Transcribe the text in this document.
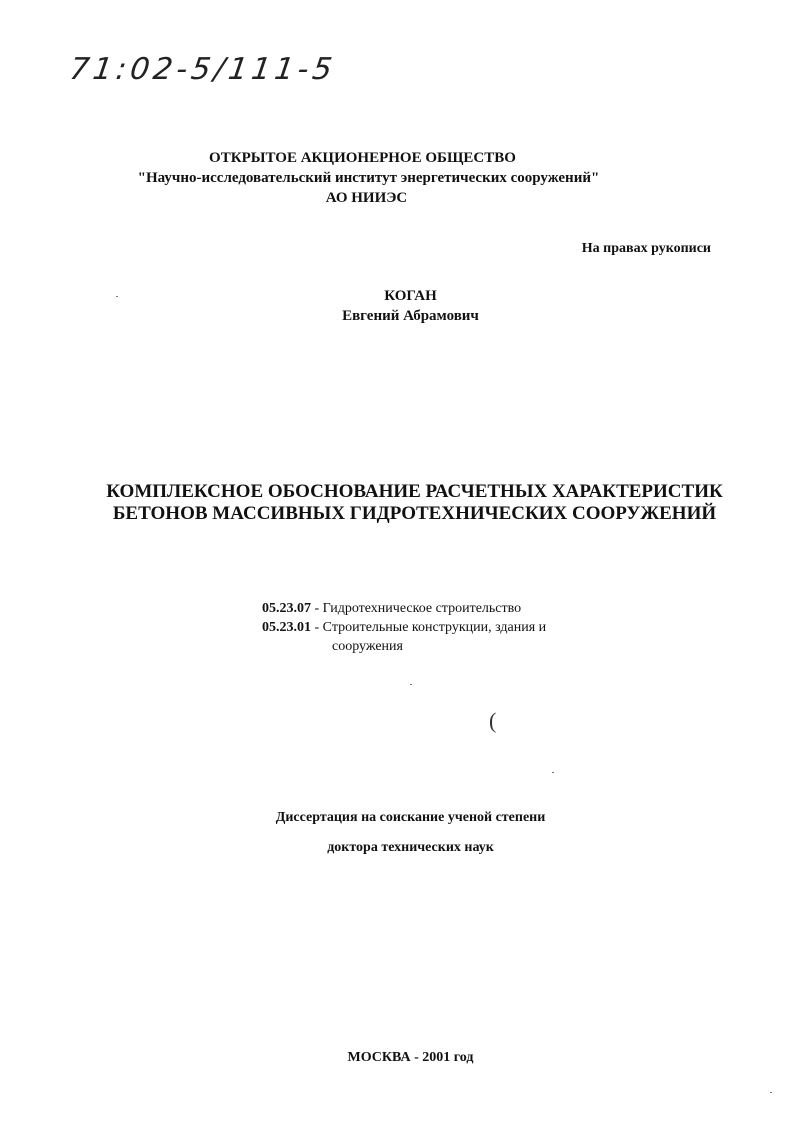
71:02-5/111-5
ОТКРЫТОЕ АКЦИОНЕРНОЕ ОБЩЕСТВО
"Научно-исследовательский институт энергетических сооружений"
АО НИИЭС
На правах рукописи
КОГАН
Евгений Абрамович
КОМПЛЕКСНОЕ ОБОСНОВАНИЕ РАСЧЕТНЫХ ХАРАКТЕРИСТИК
БЕТОНОВ МАССИВНЫХ ГИДРОТЕХНИЧЕСКИХ СООРУЖЕНИЙ
05.23.07 - Гидротехническое строительство
05.23.01 - Строительные конструкции, здания и
сооружения
(
Диссертация на соискание ученой степени
доктора технических наук
МОСКВА - 2001 год
